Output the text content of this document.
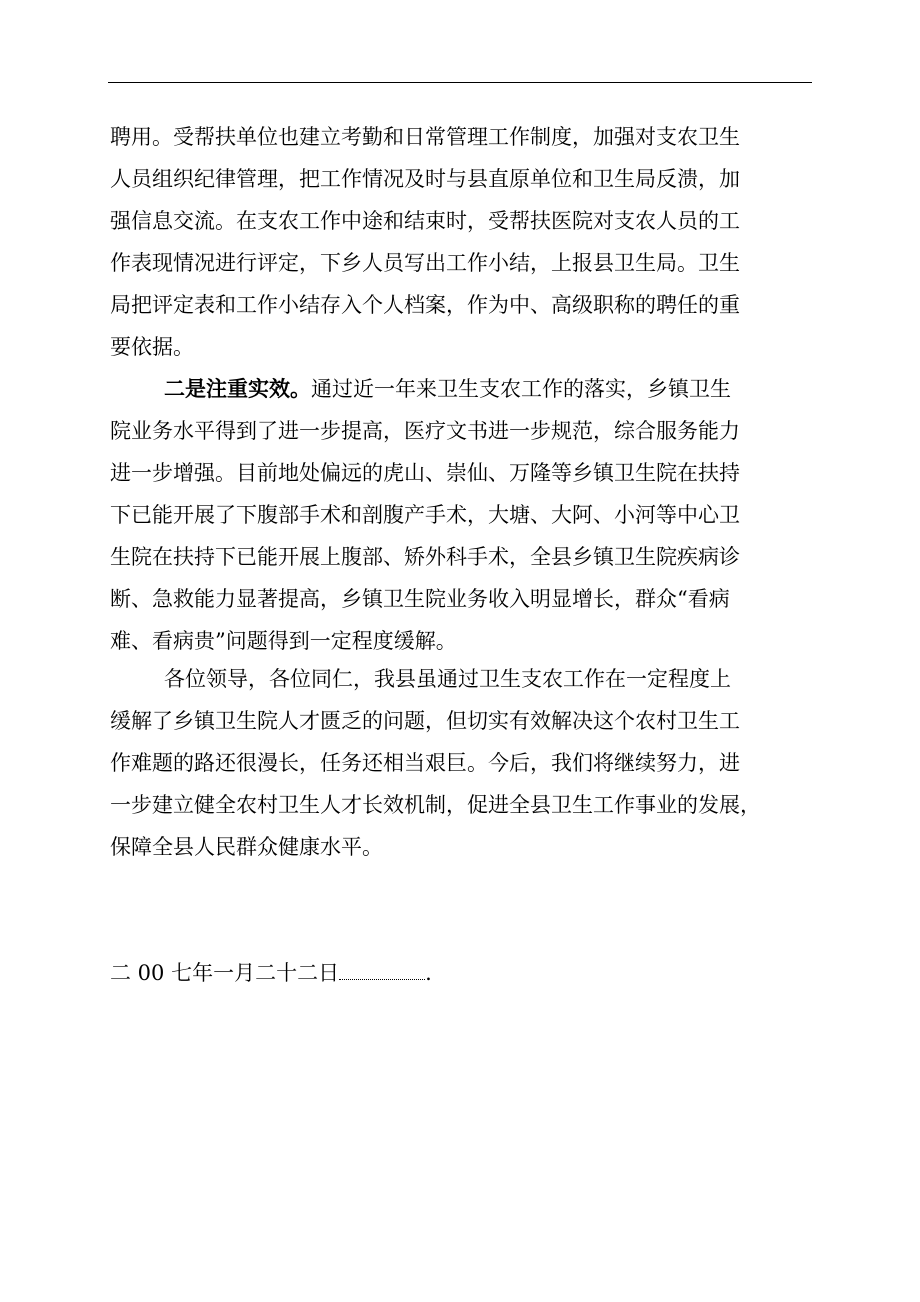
聘用。受帮扶单位也建立考勤和日常管理工作制度，加强对支农卫生
人员组织纪律管理，把工作情况及时与县直原单位和卫生局反溃，加
强信息交流。在支农工作中途和结束时，受帮扶医院对支农人员的工
作表现情况进行评定，下乡人员写出工作小结，上报县卫生局。卫生
局把评定表和工作小结存入个人档案，作为中、高级职称的聘任的重
要依据。
二是注重实效。通过近一年来卫生支农工作的落实，乡镇卫生
院业务水平得到了进一步提高，医疗文书进一步规范，综合服务能力
进一步增强。目前地处偏远的虎山、崇仙、万隆等乡镇卫生院在扶持
下已能开展了下腹部手术和剖腹产手术，大塘、大阿、小河等中心卫
生院在扶持下已能开展上腹部、矫外科手术，全县乡镇卫生院疾病诊
断、急救能力显著提高，乡镇卫生院业务收入明显增长，群众“看病
难、看病贵”问题得到一定程度缓解。
各位领导，各位同仁，我县虽通过卫生支农工作在一定程度上
缓解了乡镇卫生院人才匮乏的问题，但切实有效解决这个农村卫生工
作难题的路还很漫长，任务还相当艰巨。今后，我们将继续努力，进
一步建立健全农村卫生人才长效机制，促进全县卫生工作事业的发展，
保障全县人民群众健康水平。
二 00 七年一月二十二日	.
